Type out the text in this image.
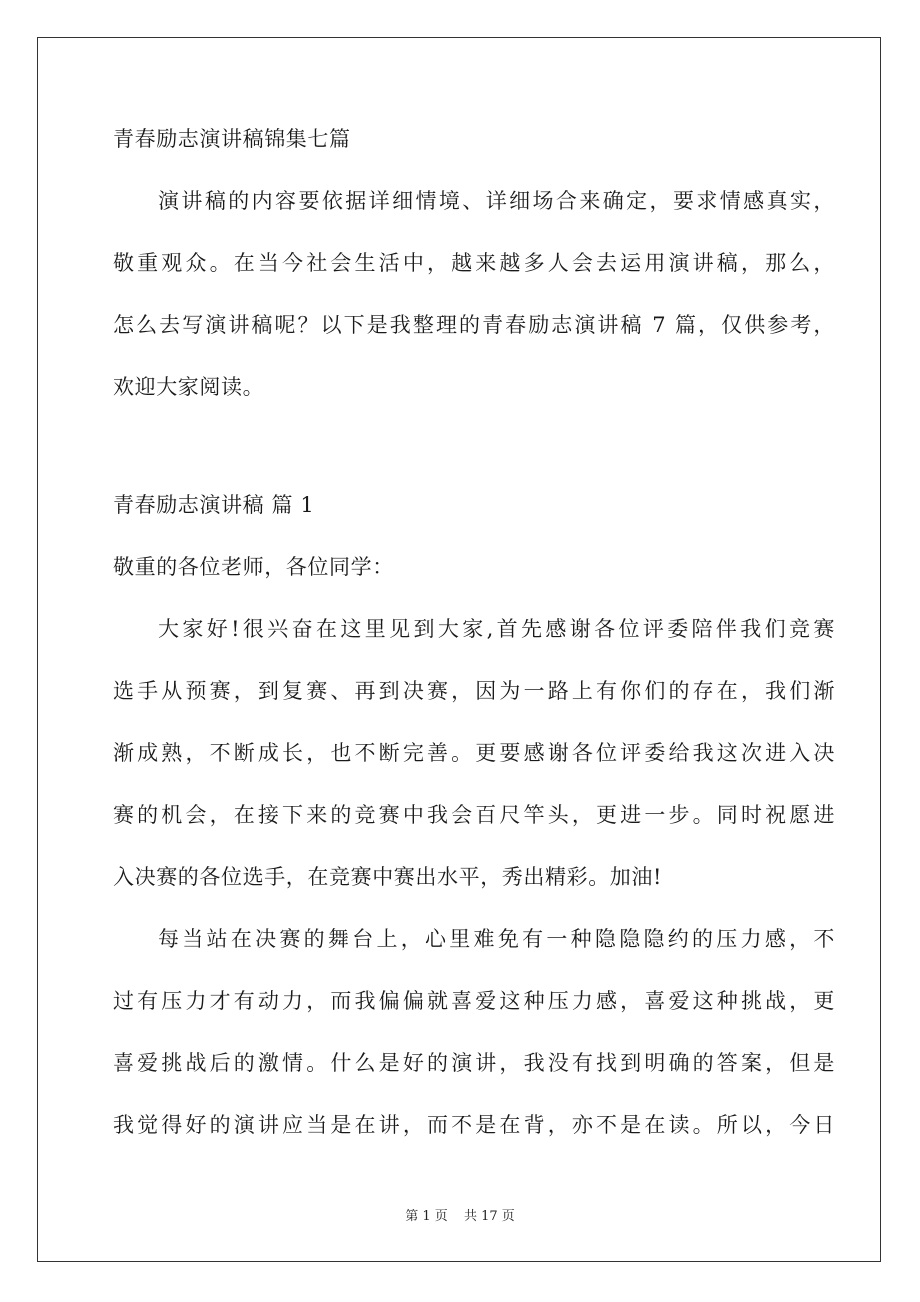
青春励志演讲稿锦集七篇
演讲稿的内容要依据详细情境、详细场合来确定，要求情感真实，
敬重观众。在当今社会生活中，越来越多人会去运用演讲稿，那么，
怎么去写演讲稿呢？以下是我整理的青春励志演讲稿 7 篇，仅供参考，
欢迎大家阅读。
青春励志演讲稿 篇 1
敬重的各位老师，各位同学：
大家好!很兴奋在这里见到大家,首先感谢各位评委陪伴我们竞赛
选手从预赛，到复赛、再到决赛，因为一路上有你们的存在，我们渐
渐成熟，不断成长，也不断完善。更要感谢各位评委给我这次进入决
赛的机会，在接下来的竞赛中我会百尺竿头，更进一步。同时祝愿进
入决赛的各位选手，在竞赛中赛出水平，秀出精彩。加油!
每当站在决赛的舞台上，心里难免有一种隐隐隐约的压力感，不
过有压力才有动力，而我偏偏就喜爱这种压力感，喜爱这种挑战，更
喜爱挑战后的激情。什么是好的演讲，我没有找到明确的答案，但是
我觉得好的演讲应当是在讲，而不是在背，亦不是在读。所以，今日
第 1 页 共 17 页
